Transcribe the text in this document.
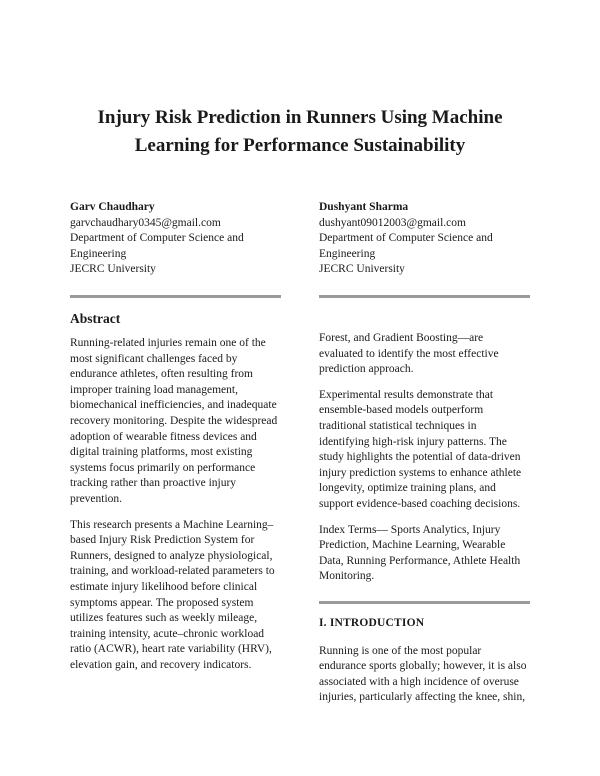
Injury Risk Prediction in Runners Using Machine
Learning for Performance Sustainability
Garv Chaudhary
garvchaudhary0345@gmail.com
Department of Computer Science and
Engineering
JECRC University
Dushyant Sharma
dushyant09012003@gmail.com
Department of Computer Science and
Engineering
JECRC University
Abstract
Running-related injuries remain one of the
most significant challenges faced by
endurance athletes, often resulting from
improper training load management,
biomechanical inefficiencies, and inadequate
recovery monitoring. Despite the widespread
adoption of wearable fitness devices and
digital training platforms, most existing
systems focus primarily on performance
tracking rather than proactive injury
prevention.
This research presents a Machine Learning–
based Injury Risk Prediction System for
Runners, designed to analyze physiological,
training, and workload-related parameters to
estimate injury likelihood before clinical
symptoms appear. The proposed system
utilizes features such as weekly mileage,
training intensity, acute–chronic workload
ratio (ACWR), heart rate variability (HRV),
elevation gain, and recovery indicators.
Forest, and Gradient Boosting—are
evaluated to identify the most effective
prediction approach.
Experimental results demonstrate that
ensemble-based models outperform
traditional statistical techniques in
identifying high-risk injury patterns. The
study highlights the potential of data-driven
injury prediction systems to enhance athlete
longevity, optimize training plans, and
support evidence-based coaching decisions.
Index Terms— Sports Analytics, Injury
Prediction, Machine Learning, Wearable
Data, Running Performance, Athlete Health
Monitoring.
I. INTRODUCTION
Running is one of the most popular
endurance sports globally; however, it is also
associated with a high incidence of overuse
injuries, particularly affecting the knee, shin,
